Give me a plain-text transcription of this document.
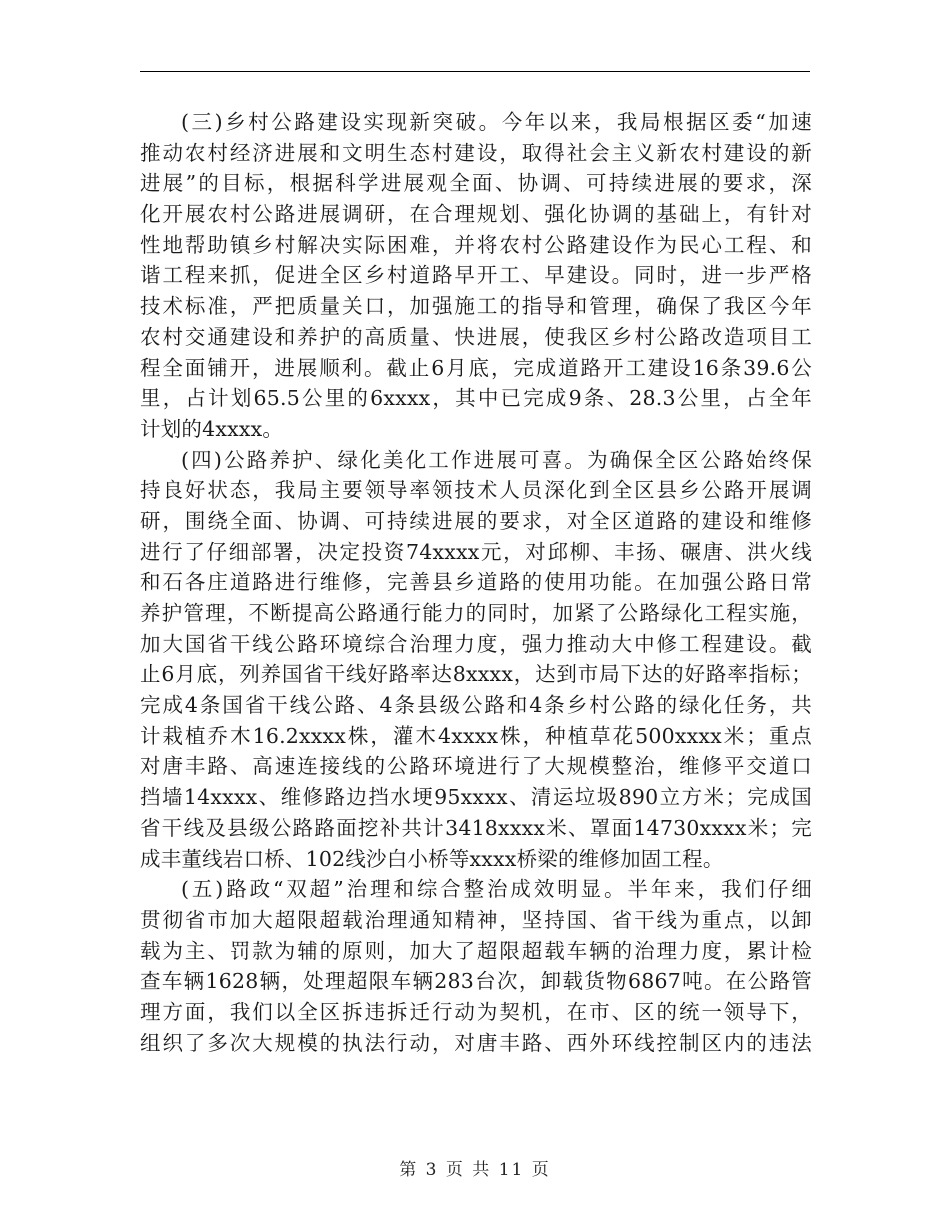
(三)乡村公路建设实现新突破。今年以来，我局根据区委“加速
推动农村经济进展和文明生态村建设，取得社会主义新农村建设的新
进展”的目标，根据科学进展观全面、协调、可持续进展的要求，深
化开展农村公路进展调研，在合理规划、强化协调的基础上，有针对
性地帮助镇乡村解决实际困难，并将农村公路建设作为民心工程、和
谐工程来抓，促进全区乡村道路早开工、早建设。同时，进一步严格
技术标准，严把质量关口，加强施工的指导和管理，确保了我区今年
农村交通建设和养护的高质量、快进展，使我区乡村公路改造项目工
程全面铺开，进展顺利。截止6月底，完成道路开工建设16条39.6公
里，占计划65.5公里的6xxxx，其中已完成9条、28.3公里，占全年
计划的4xxxx。
(四)公路养护、绿化美化工作进展可喜。为确保全区公路始终保
持良好状态，我局主要领导率领技术人员深化到全区县乡公路开展调
研，围绕全面、协调、可持续进展的要求，对全区道路的建设和维修
进行了仔细部署，决定投资74xxxx元，对邱柳、丰扬、碾唐、洪火线
和石各庄道路进行维修，完善县乡道路的使用功能。在加强公路日常
养护管理，不断提高公路通行能力的同时，加紧了公路绿化工程实施，
加大国省干线公路环境综合治理力度，强力推动大中修工程建设。截
止6月底，列养国省干线好路率达8xxxx，达到市局下达的好路率指标；
完成4条国省干线公路、4条县级公路和4条乡村公路的绿化任务，共
计栽植乔木16.2xxxx株，灌木4xxxx株，种植草花500xxxx米；重点
对唐丰路、高速连接线的公路环境进行了大规模整治，维修平交道口
挡墙14xxxx、维修路边挡水埂95xxxx、清运垃圾890立方米；完成国
省干线及县级公路路面挖补共计3418xxxx米、罩面14730xxxx米；完
成丰董线岩口桥、102线沙白小桥等xxxx桥梁的维修加固工程。
(五)路政“双超”治理和综合整治成效明显。半年来，我们仔细
贯彻省市加大超限超载治理通知精神，坚持国、省干线为重点，以卸
载为主、罚款为辅的原则，加大了超限超载车辆的治理力度，累计检
查车辆1628辆，处理超限车辆283台次，卸载货物6867吨。在公路管
理方面，我们以全区拆违拆迁行动为契机，在市、区的统一领导下，
组织了多次大规模的执法行动，对唐丰路、西外环线控制区内的违法
第 3 页 共 11 页
